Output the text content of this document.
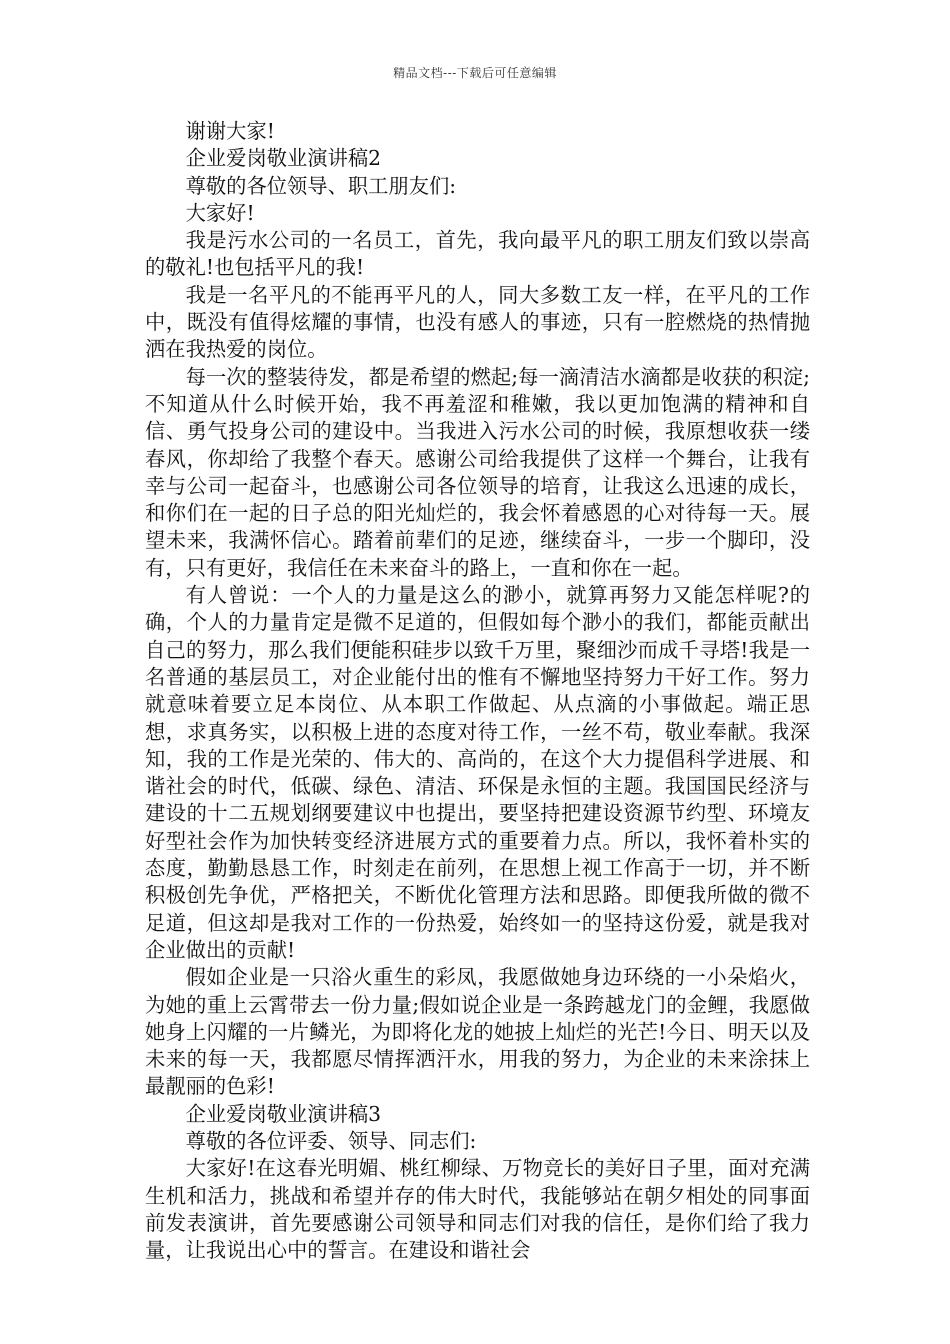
精品文档---下载后可任意编辑

谢谢大家!

企业爱岗敬业演讲稿2

尊敬的各位领导、职工朋友们:

大家好!

我是污水公司的一名员工，首先，我向最平凡的职工朋友们致以崇高的敬礼!也包括平凡的我!

我是一名平凡的不能再平凡的人，同大多数工友一样，在平凡的工作中，既没有值得炫耀的事情，也没有感人的事迹，只有一腔燃烧的热情抛洒在我热爱的岗位。

每一次的整装待发，都是希望的燃起;每一滴清洁水滴都是收获的积淀;不知道从什么时候开始，我不再羞涩和稚嫩，我以更加饱满的精神和自信、勇气投身公司的建设中。当我进入污水公司的时候，我原想收获一缕春风，你却给了我整个春天。感谢公司给我提供了这样一个舞台，让我有幸与公司一起奋斗，也感谢公司各位领导的培育，让我这么迅速的成长，和你们在一起的日子总的阳光灿烂的，我会怀着感恩的心对待每一天。展望未来，我满怀信心。踏着前辈们的足迹，继续奋斗，一步一个脚印，没有，只有更好，我信任在未来奋斗的路上，一直和你在一起。

有人曾说：一个人的力量是这么的渺小，就算再努力又能怎样呢?的确，个人的力量肯定是微不足道的，但假如每个渺小的我们，都能贡献出自己的努力，那么我们便能积硅步以致千万里，聚细沙而成千寻塔!我是一名普通的基层员工，对企业能付出的惟有不懈地坚持努力干好工作。努力就意味着要立足本岗位、从本职工作做起、从点滴的小事做起。端正思想，求真务实，以积极上进的态度对待工作，一丝不苟，敬业奉献。我深知，我的工作是光荣的、伟大的、高尚的，在这个大力提倡科学进展、和谐社会的时代，低碳、绿色、清洁、环保是永恒的主题。我国国民经济与建设的十二五规划纲要建议中也提出，要坚持把建设资源节约型、环境友好型社会作为加快转变经济进展方式的重要着力点。所以，我怀着朴实的态度，勤勤恳恳工作，时刻走在前列，在思想上视工作高于一切，并不断积极创先争优，严格把关，不断优化管理方法和思路。即便我所做的微不足道，但这却是我对工作的一份热爱，始终如一的坚持这份爱，就是我对企业做出的贡献!

假如企业是一只浴火重生的彩凤，我愿做她身边环绕的一小朵焰火，为她的重上云霄带去一份力量;假如说企业是一条跨越龙门的金鲤，我愿做她身上闪耀的一片鳞光，为即将化龙的她披上灿烂的光芒!今日、明天以及未来的每一天，我都愿尽情挥洒汗水，用我的努力，为企业的未来涂抹上最靓丽的色彩!

企业爱岗敬业演讲稿3

尊敬的各位评委、领导、同志们:

大家好!在这春光明媚、桃红柳绿、万物竞长的美好日子里，面对充满生机和活力，挑战和希望并存的伟大时代，我能够站在朝夕相处的同事面前发表演讲，首先要感谢公司领导和同志们对我的信任，是你们给了我力量，让我说出心中的誓言。在建设和谐社会
